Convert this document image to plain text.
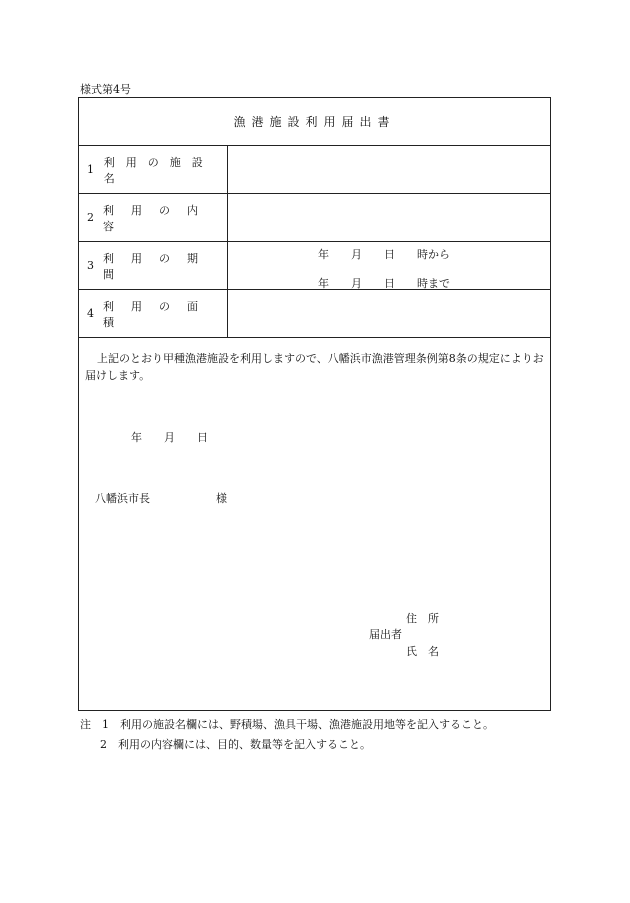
様式第4号
漁港施設利用届出書
1
利用の施設名
2
利用の内容
3
利用の期間
年　　月　　日　　時から
年　　月　　日　　時まで
4
利用の面積
上記のとおり甲種漁港施設を利用しますので、八幡浜市漁港管理条例第8条の規定によりお届けします。
年　　月　　日
八幡浜市長　　　　　　様
住　所
届出者
氏　名
注　1　利用の施設名欄には、野積場、漁具干場、漁港施設用地等を記入すること。
2　利用の内容欄には、目的、数量等を記入すること。
